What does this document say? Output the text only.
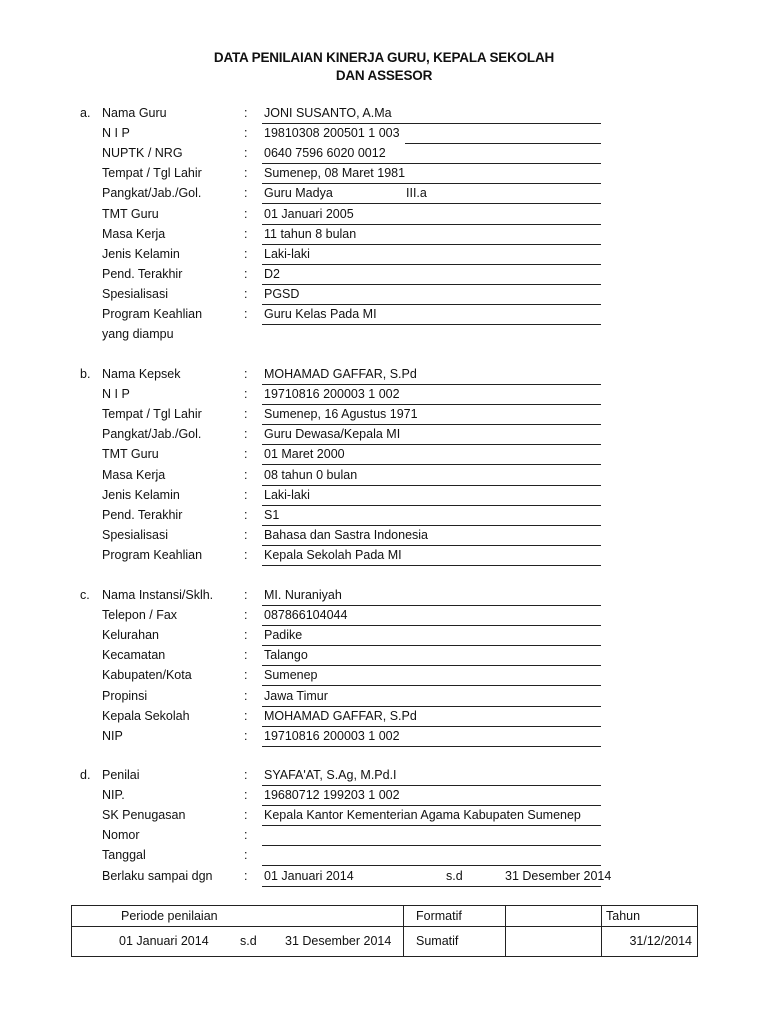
DATA PENILAIAN KINERJA GURU, KEPALA SEKOLAH
DAN ASSESOR
a. Nama Guru	: JONI SUSANTO, A.Ma
N I P	: 19810308 200501 1 003
NUPTK / NRG	: 0640 7596 6020 0012
Tempat / Tgl Lahir	: Sumenep, 08 Maret 1981
Pangkat/Jab./Gol.	: Guru Madya	III.a
TMT Guru	: 01 Januari 2005
Masa Kerja	: 11 tahun 8 bulan
Jenis Kelamin	: Laki-laki
Pend. Terakhir	: D2
Spesialisasi	: PGSD
Program Keahlian	: Guru Kelas Pada MI
yang diampu
b. Nama Kepsek	: MOHAMAD GAFFAR, S.Pd
N I P	: 19710816 200003 1 002
Tempat / Tgl Lahir	: Sumenep, 16 Agustus 1971
Pangkat/Jab./Gol.	: Guru Dewasa/Kepala MI
TMT Guru	: 01 Maret 2000
Masa Kerja	: 08 tahun 0 bulan
Jenis Kelamin	: Laki-laki
Pend. Terakhir	: S1
Spesialisasi	: Bahasa dan Sastra Indonesia
Program Keahlian	: Kepala Sekolah Pada MI
c. Nama Instansi/Sklh. : MI. Nuraniyah
Telepon / Fax	: 087866104044
Kelurahan	: Padike
Kecamatan	: Talango
Kabupaten/Kota	: Sumenep
Propinsi	: Jawa Timur
Kepala Sekolah	: MOHAMAD GAFFAR, S.Pd
NIP	: 19710816 200003 1 002
d. Penilai	: SYAFA'AT, S.Ag, M.Pd.I
NIP.	: 19680712 199203 1 002
SK Penugasan	: Kepala Kantor Kementerian Agama Kabupaten Sumenep
Nomor	:
Tanggal	:
Berlaku sampai dgn	: 01 Januari 2014	s.d	31 Desember 2014
Periode penilaian	Formatif		Tahun

01 Januari 2014 s.d 31 Desember 2014	Sumatif		31/12/2014
